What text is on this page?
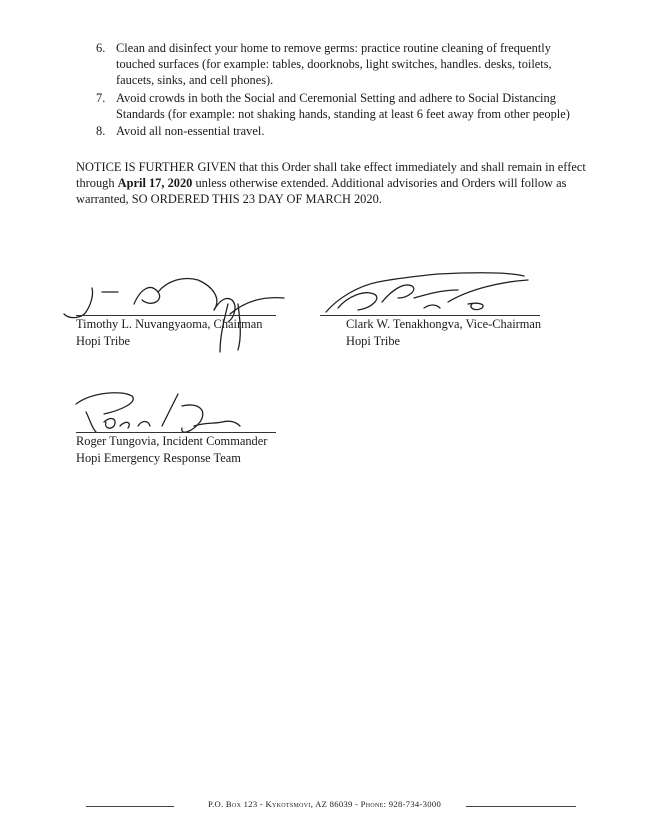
6. Clean and disinfect your home to remove germs: practice routine cleaning of frequently touched surfaces (for example: tables, doorknobs, light switches, handles. desks, toilets, faucets, sinks, and cell phones).
7. Avoid crowds in both the Social and Ceremonial Setting and adhere to Social Distancing Standards (for example: not shaking hands, standing at least 6 feet away from other people)
8. Avoid all non-essential travel.

NOTICE IS FURTHER GIVEN that this Order shall take effect immediately and shall remain in effect through April 17, 2020 unless otherwise extended. Additional advisories and Orders will follow as warranted, SO ORDERED THIS 23 DAY OF MARCH 2020.

Timothy L. Nuvangyaoma, Chairman
Hopi Tribe
Clark W. Tenakhongva, Vice-Chairman
Hopi Tribe
Roger Tungovia, Incident Commander
Hopi Emergency Response Team
P.O. Box 123 - Kykotsmovi, AZ 86039 - Phone: 928-734-3000
